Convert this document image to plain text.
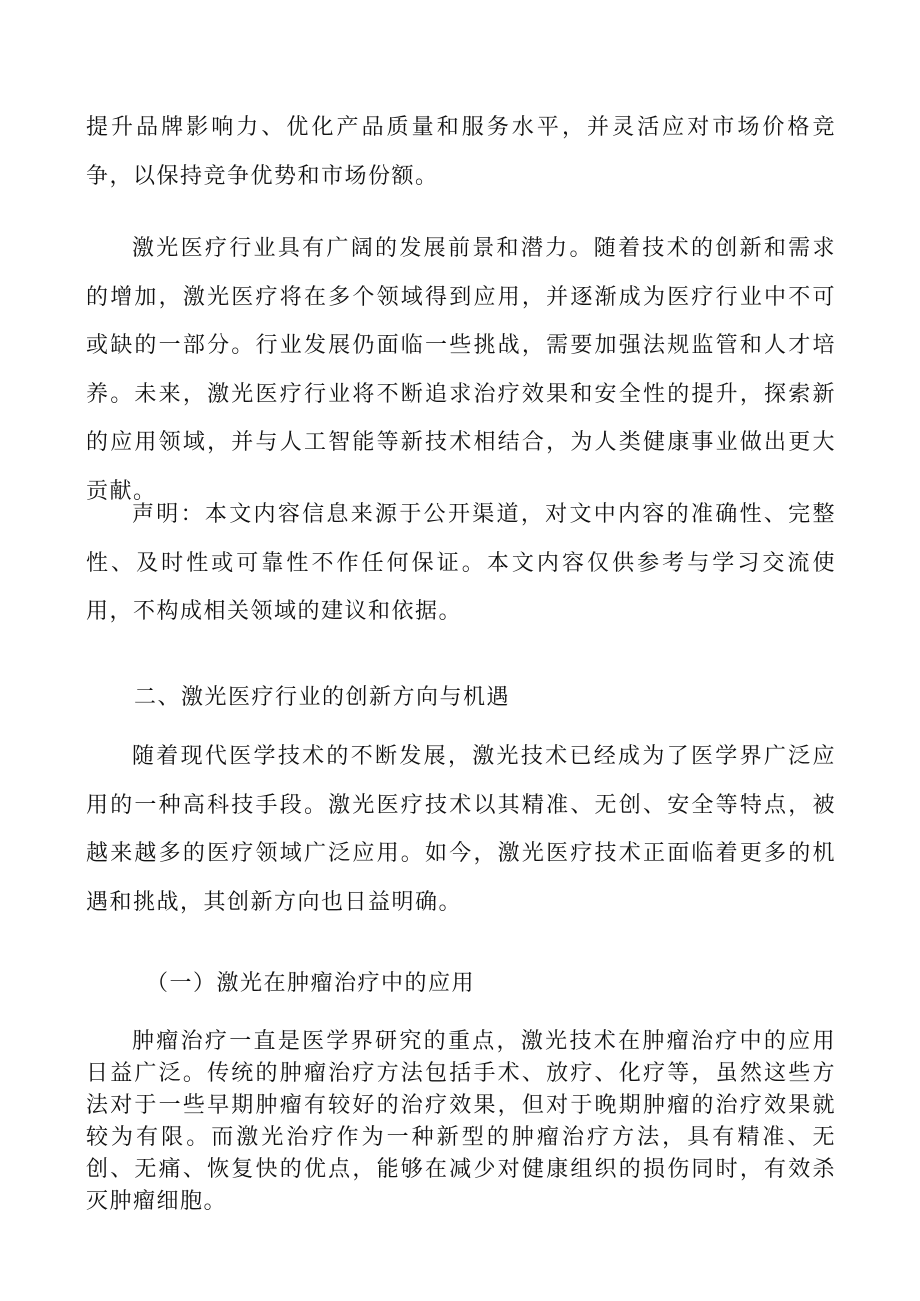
提升品牌影响力、优化产品质量和服务水平，并灵活应对市场价格竞争，以保持竞争优势和市场份额。

激光医疗行业具有广阔的发展前景和潜力。随着技术的创新和需求的增加，激光医疗将在多个领域得到应用，并逐渐成为医疗行业中不可或缺的一部分。行业发展仍面临一些挑战，需要加强法规监管和人才培养。未来，激光医疗行业将不断追求治疗效果和安全性的提升，探索新的应用领域，并与人工智能等新技术相结合，为人类健康事业做出更大贡献。

声明：本文内容信息来源于公开渠道，对文中内容的准确性、完整性、及时性或可靠性不作任何保证。本文内容仅供参考与学习交流使用，不构成相关领域的建议和依据。

二、激光医疗行业的创新方向与机遇

随着现代医学技术的不断发展，激光技术已经成为了医学界广泛应用的一种高科技手段。激光医疗技术以其精准、无创、安全等特点，被越来越多的医疗领域广泛应用。如今，激光医疗技术正面临着更多的机遇和挑战，其创新方向也日益明确。

（一）激光在肿瘤治疗中的应用

肿瘤治疗一直是医学界研究的重点，激光技术在肿瘤治疗中的应用日益广泛。传统的肿瘤治疗方法包括手术、放疗、化疗等，虽然这些方法对于一些早期肿瘤有较好的治疗效果，但对于晚期肿瘤的治疗效果就较为有限。而激光治疗作为一种新型的肿瘤治疗方法，具有精准、无创、无痛、恢复快的优点，能够在减少对健康组织的损伤同时，有效杀灭肿瘤细胞。
